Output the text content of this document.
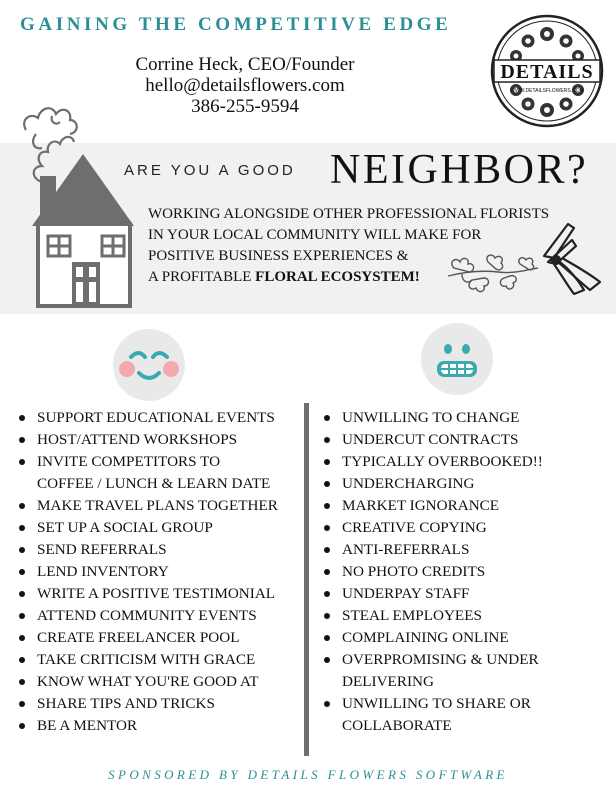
GAINING THE COMPETITIVE EDGE
Corrine Heck, CEO/Founder
hello@detailsflowers.com
386-255-9594
DETAILS
WWW.DETAILSFLOWERS.COM
ARE YOU A GOOD NEIGHBOR?
WORKING ALONGSIDE OTHER PROFESSIONAL FLORISTS
IN YOUR LOCAL COMMUNITY WILL MAKE FOR
POSITIVE BUSINESS EXPERIENCES &
A PROFITABLE FLORAL ECOSYSTEM!
SUPPORT EDUCATIONAL EVENTS
HOST/ATTEND WORKSHOPS
INVITE COMPETITORS TO
COFFEE / LUNCH & LEARN DATE
MAKE TRAVEL PLANS TOGETHER
SET UP A SOCIAL GROUP
SEND REFERRALS
LEND INVENTORY
WRITE A POSITIVE TESTIMONIAL
ATTEND COMMUNITY EVENTS
CREATE FREELANCER POOL
TAKE CRITICISM WITH GRACE
KNOW WHAT YOU'RE GOOD AT
SHARE TIPS AND TRICKS
BE A MENTOR
UNWILLING TO CHANGE
UNDERCUT CONTRACTS
TYPICALLY OVERBOOKED!!
UNDERCHARGING
MARKET IGNORANCE
CREATIVE COPYING
ANTI-REFERRALS
NO PHOTO CREDITS
UNDERPAY STAFF
STEAL EMPLOYEES
COMPLAINING ONLINE
OVERPROMISING & UNDER
DELIVERING
UNWILLING TO SHARE OR
COLLABORATE
SPONSORED BY DETAILS FLOWERS SOFTWARE
